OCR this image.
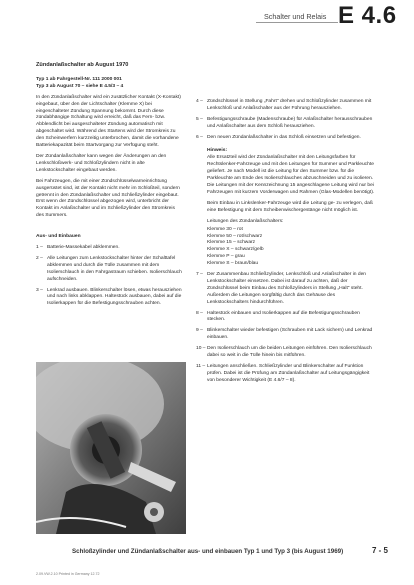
Schalter und Relais E 4.6

Zündanlaßschalter ab August 1970

Typ 1 ab Fahrgestell-Nr. 111 2000 001

Typ 3 ab August 70 – siehe E 4.5/3 – 4

In den Zündanlaßschalter wird ein zusätzlicher Kontakt (X-Kontakt) eingebaut, über den der Lichtschalter (Klemme X) bei eingeschalteter Zündung Spannung bekommt. Durch diese zündabhängige Schaltung wird erreicht, daß das Fern- bzw. Abblendlicht bei ausgeschalteter Zündung automatisch mit abgeschaltet wird. Während des Startens wird der Stromkreis zu den Scheinwerfern kurzzeitig unterbrochen, damit die vorhandene Batteriekapazität beim Startvorgang zur Verfügung steht.

Der Zündanlaßschalter kann wegen der Änderungen an den Lenkschloßwerk- und Schloßzylindern nicht in alte Lenkstockschalter eingebaut werden.

Bei Fahrzeugen, die mit einer Zündschlüsselwarneinrichtung ausgerüstet sind, ist der Kontakt nicht mehr im Schloßteil, sondern getrennt in den Zündanlaßschalter und Schließzylinder eingebaut. Erst wenn der Zündschlüssel abgezogen wird, unterbricht der Kontakt im Anlaßschalter und im Schließzylinder den Stromkreis des Summers.

Aus- und Einbauen

1 – Batterie-Massekabel abklemmen.
2 – Alle Leitungen zum Lenkstockschalter hinter der Schalttafel abklemmen und durch die Tülle zusammen mit dem Isolierschlauch in den Fahrgastraum schieben. Isolierschlauch aufschneiden.
3 – Lenkrad ausbauen. Blinkerschalter lösen, etwas herausziehen und nach links abklappen. Haltestück ausbauen, dabei auf die Isolierkappen für die Befestigungsschrauben achten.
4 – Zündschlüssel in Stellung „Fahrt" drehen und Schloßzylinder zusammen mit Lenkschloß und Anlaßschalter aus der Führung herausziehen.
5 – Befestigungsschraube (Madenschraube) für Anlaßschalter herausschrauben und Anlaßschalter aus dem Schloß herausziehen.
6 – Den neuen Zündanlaßschalter in das Schloß einsetzen und befestigen.

Hinweis:

Alle Ersatzteil wird der Zündanlaßschalter mit den Leitungsfarben für Rechtslenker-Fahrzeuge und mit den Leitungen für Summer und Parkleuchte geliefert. Je nach Modell ist die Leitung für den Summer bzw. für die Parkleuchte am Ende des Isolierschlauches abzuschneiden und zu isolieren. Die Leitungen mit der Kennzeichnung 15 angeschlagene Leitung wird nur bei Fahrzeugen mit kurzem Vorderwagen und Rahmen (Glas-Modellen benötigt).

Beim Einbau in Linkslenker-Fahrzeuge wird die Leitung ge- zu verlegen, daß eine Befestigung mit dem Scheibenwischergestänge nicht möglich ist.

Leitungen des Zündanlaßschalters:

Klemme 30 – rot
Klemme 50 – rot/schwarz
Klemme 15 – schwarz
Klemme X – schwarz/gelb
Klemme P – grau
Klemme S – braun/blau
7 – Der Zusammenbau Schließzylinder, Lenkschloß und Anlaßschalter in den Lenkstockschalter einsetzen. Dabei ist darauf zu achten, daß der Zündschlüssel beim Einbau des Schloßzylinders in Stellung „Halt" steht. Außerdem die Leitungen sorgfältig durch das Gehäuse des Lenkstockschalters hindurchführen.
8 – Haltestück einbauen und Isolierkappen auf die Befestigungsschrauben stecken.
9 – Blinkerschalter wieder befestigen (Schrauben mit Lack sichern) und Lenkrad einbauen.
10 – Den Isolierschlauch um die beiden Leitungen einführen. Den Isolierschlauch dabei so weit in die Tülle hinein bis mitführen.
11 – Leitungen anschließen. Schließzylinder und Blinkerschalter auf Funktion prüfen. Dabei ist die Prüfung am Zündanlaßschalter auf Leitungsgängigkeit von besonderer Wichtigkeit (E 4.6/7 – 8).
Schloßzylinder und Zündanlaßschalter aus- und einbauen Typ 1 und Typ 3 (bis August 1969)	7 - 5
2.09.VW.2.10 Printed in Germany 12.72
